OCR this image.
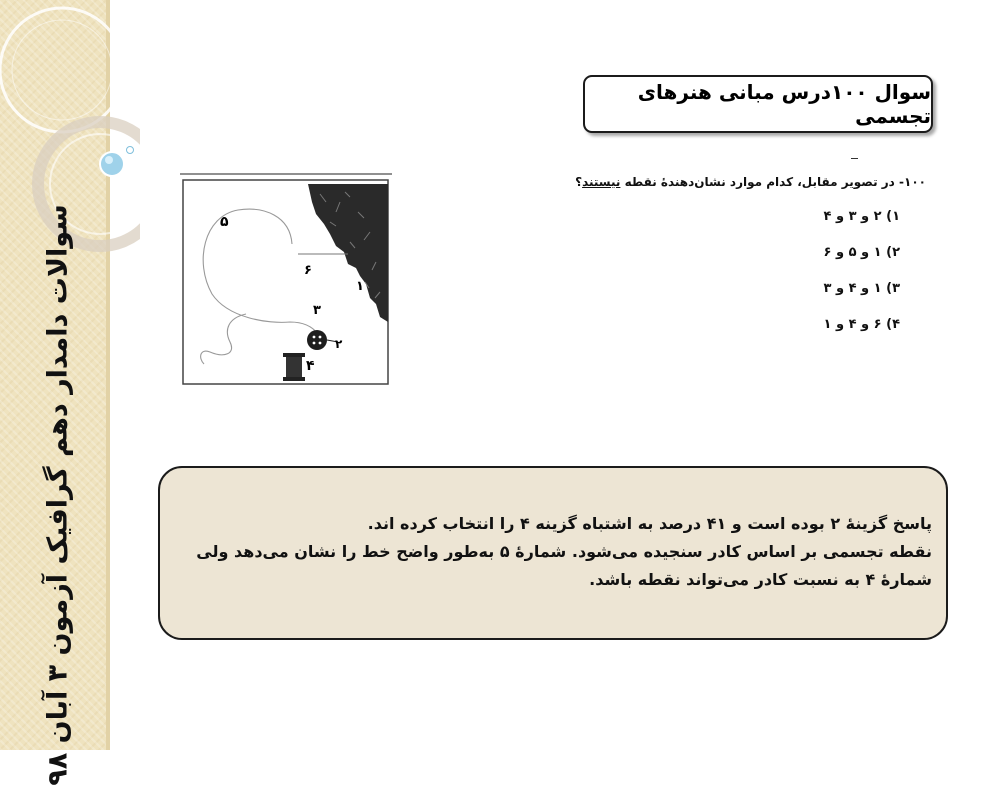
سوالات دامدار دهم گرافیک آزمون ۳ آبان ۹۸
سوال ۱۰۰درس مبانی هنرهای تجسمی
۱۰۰- در تصویر مقابل، کدام موارد نشان‌دهندهٔ نقطه نیستند؟
۱) ۲ و ۳ و ۴
۲) ۱ و ۵ و ۶
۳) ۱ و ۴ و ۳
۴) ۶ و ۴ و ۱
۵
۶
۱
۳
۲
۴
پاسخ گزینهٔ ۲ بوده است و ۴۱ درصد به اشتباه گزینه ۴ را انتخاب کرده اند.
نقطه تجسمی بر اساس کادر سنجیده می‌شود. شمارهٔ ۵ به‌طور واضح خط را نشان می‌دهد ولی
شمارهٔ ۴ به نسبت کادر می‌تواند نقطه باشد.
